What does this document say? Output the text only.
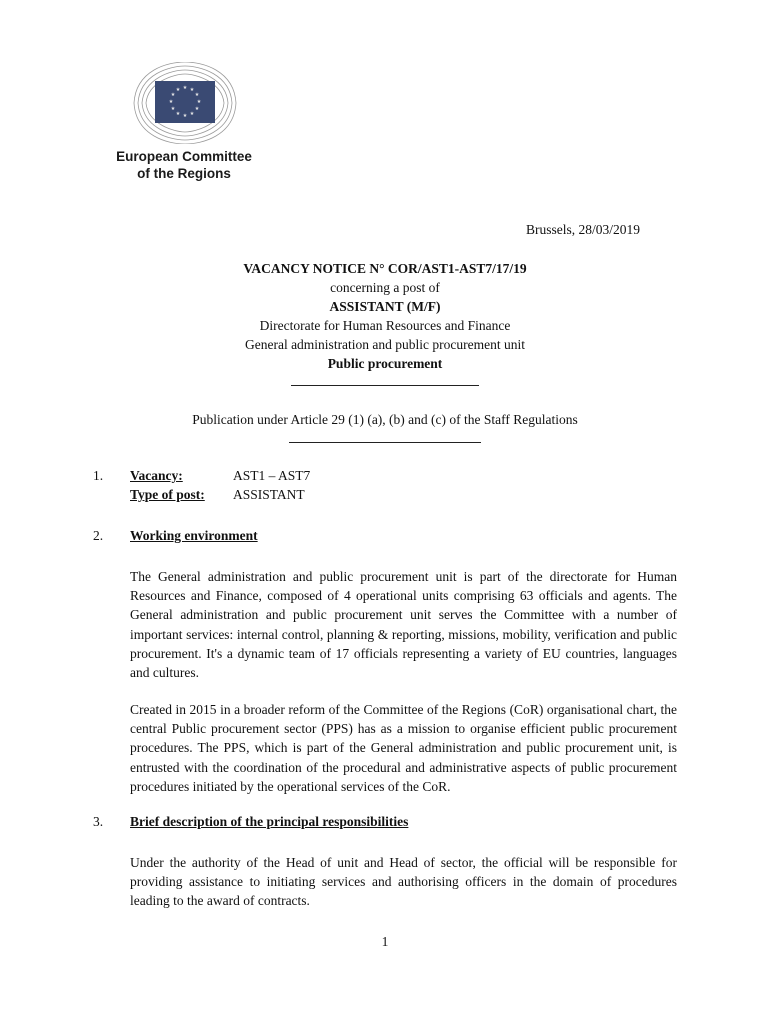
★ ★
★
★
★
★
★
★
★
★
★
★
European Committee
of the Regions
Brussels, 28/03/2019
VACANCY NOTICE N° COR/AST1-AST7/17/19
concerning a post of
ASSISTANT (M/F)
Directorate for Human Resources and Finance
General administration and public procurement unit
Public procurement
Publication under Article 29 (1) (a), (b) and (c) of the Staff Regulations
1. Vacancy:	AST1 – AST7
Type of post: ASSISTANT
2. Working environment
The General administration and public procurement unit is part of the directorate for Human Resources and Finance, composed of 4 operational units comprising 63 officials and agents. The General administration and public procurement unit serves the Committee with a number of important services: internal control, planning & reporting, missions, mobility, verification and public procurement. It's a dynamic team of 17 officials representing a variety of EU countries, languages and cultures.
Created in 2015 in a broader reform of the Committee of the Regions (CoR) organisational chart, the central Public procurement sector (PPS) has as a mission to organise efficient public procurement procedures. The PPS, which is part of the General administration and public procurement unit, is entrusted with the coordination of the procedural and administrative aspects of public procurement procedures initiated by the operational services of the CoR.
3. Brief description of the principal responsibilities
Under the authority of the Head of unit and Head of sector, the official will be responsible for providing assistance to initiating services and authorising officers in the domain of procedures leading to the award of contracts.
1
